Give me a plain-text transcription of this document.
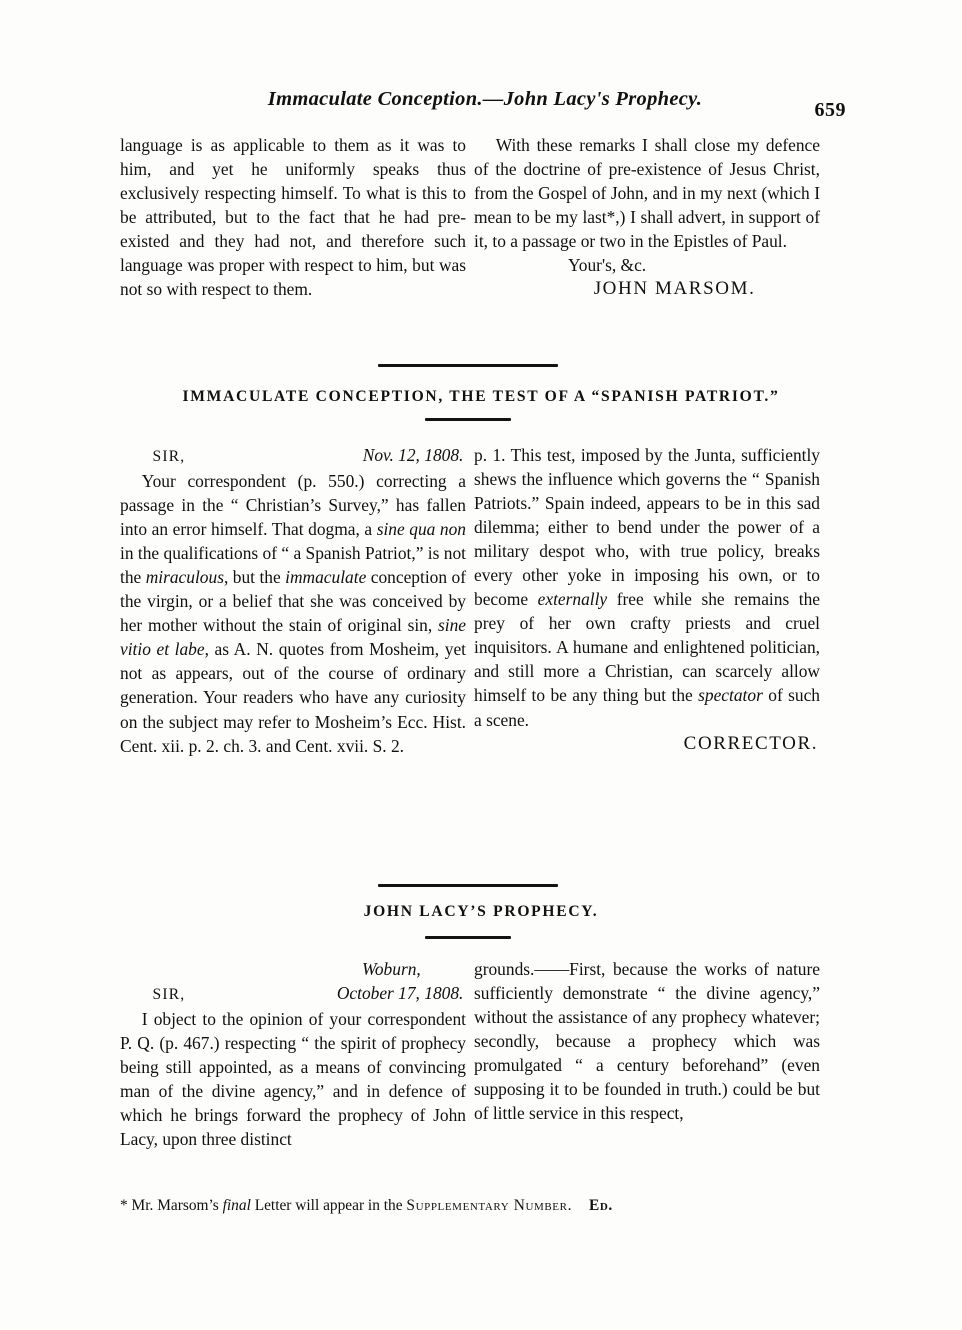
Immaculate Conception.—John Lacy's Prophecy.	659

language is as applicable to them as it was to him, and yet he uniformly speaks thus exclusively respecting himself. To what is this to be attributed, but to the fact that he had pre-existed and they had not, and therefore such language was proper with respect to him, but was not so with respect to them.

With these remarks I shall close my defence of the doctrine of pre-existence of Jesus Christ, from the Gospel of John, and in my next (which I mean to be my last*,) I shall advert, in support of it, to a passage or two in the Epistles of Paul.

Your's, &c.

JOHN MARSOM.

IMMACULATE CONCEPTION, THE TEST OF A “SPANISH PATRIOT.”
SIR,	Nov. 12, 1808.

Your correspondent (p. 550.) correcting a passage in the “ Christian’s Survey,” has fallen into an error himself. That dogma, a sine qua non in the qualifications of “ a Spanish Patriot,” is not the miraculous, but the immaculate conception of the virgin, or a belief that she was conceived by her mother without the stain of original sin, sine vitio et labe, as A. N. quotes from Mosheim, yet not as appears, out of the course of ordinary generation. Your readers who have any curiosity on the subject may refer to Mosheim’s Ecc. Hist. Cent. xii. p. 2. ch. 3. and Cent. xvii. S. 2.

p. 1. This test, imposed by the Junta, sufficiently shews the influence which governs the “ Spanish Patriots.” Spain indeed, appears to be in this sad dilemma; either to bend under the power of a military despot who, with true policy, breaks every other yoke in imposing his own, or to become externally free while she remains the prey of her own crafty priests and cruel inquisitors. A humane and enlightened politician, and still more a Christian, can scarcely allow himself to be any thing but the spectator of such a scene.

CORRECTOR.

JOHN LACY’S PROPHECY.

Woburn,

SIR,	October 17, 1808.

I object to the opinion of your correspondent P. Q. (p. 467.) respecting “ the spirit of prophecy being still appointed, as a means of convincing man of the divine agency,” and in defence of which he brings forward the prophecy of John Lacy, upon three distinct

grounds.——First, because the works of nature sufficiently demonstrate “ the divine agency,” without the assistance of any prophecy whatever; secondly, because a prophecy which was promulgated “ a century beforehand” (even supposing it to be founded in truth.) could be but of little service in this respect,

* Mr. Marsom’s final Letter will appear in the Supplementary Number. Ed.
